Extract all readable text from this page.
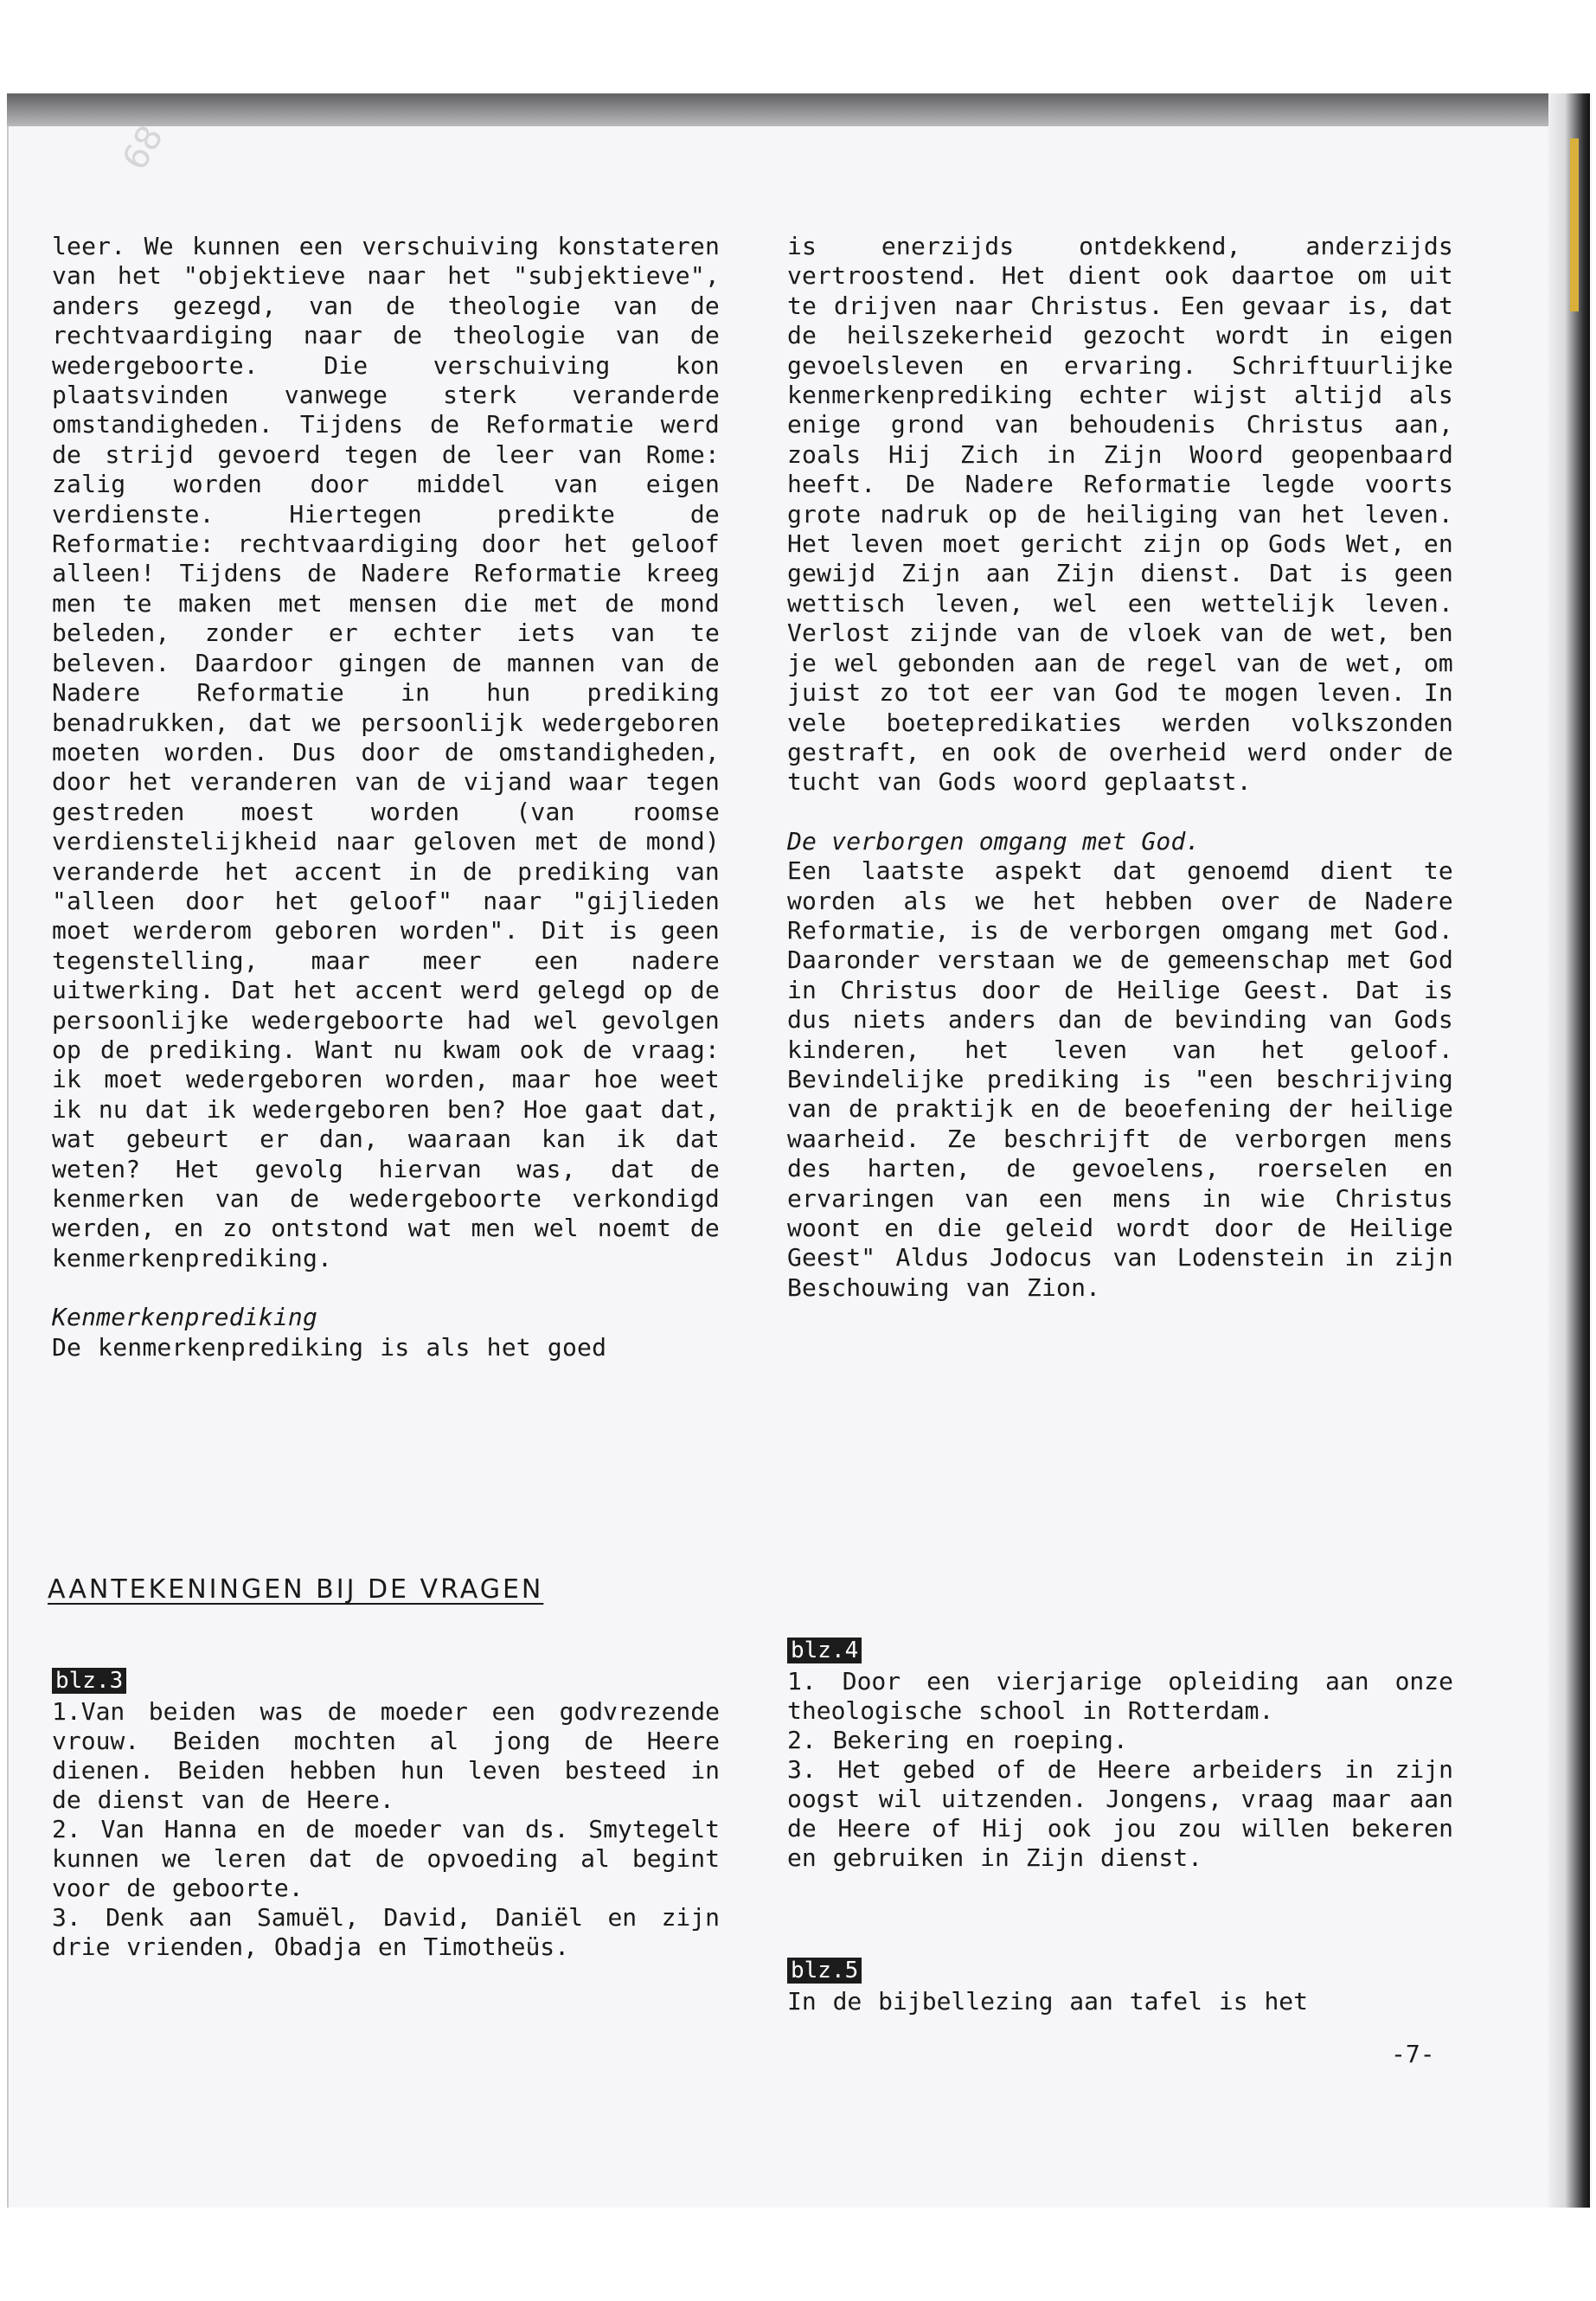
68

leer. We kunnen een verschuiving konstateren van het "objektieve naar het "subjektieve", anders gezegd, van de theologie van de rechtvaardiging naar de theologie van de wedergeboorte. Die verschuiving kon plaatsvinden vanwege sterk veranderde omstandigheden. Tijdens de Reformatie werd de strijd gevoerd tegen de leer van Rome: zalig worden door middel van eigen verdienste. Hiertegen predikte de Reformatie: rechtvaardiging door het geloof alleen! Tijdens de Nadere Reformatie kreeg men te maken met mensen die met de mond beleden, zonder er echter iets van te beleven. Daardoor gingen de mannen van de Nadere Reformatie in hun prediking benadrukken, dat we persoonlijk wedergeboren moeten worden. Dus door de omstandigheden, door het veranderen van de vijand waar tegen gestreden moest worden (van roomse verdienstelijkheid naar geloven met de mond) veranderde het accent in de prediking van "alleen door het geloof" naar "gijlieden moet werderom geboren worden". Dit is geen tegenstelling, maar meer een nadere uitwerking. Dat het accent werd gelegd op de persoonlijke wedergeboorte had wel gevolgen op de prediking. Want nu kwam ook de vraag: ik moet wedergeboren worden, maar hoe weet ik nu dat ik wedergeboren ben? Hoe gaat dat, wat gebeurt er dan, waaraan kan ik dat weten? Het gevolg hiervan was, dat de kenmerken van de wedergeboorte verkondigd werden, en zo ontstond wat men wel noemt de kenmerkenprediking.

Kenmerkenprediking

De kenmerkenprediking is als het goed

is enerzijds ontdekkend, anderzijds vertroostend. Het dient ook daartoe om uit te drijven naar Christus. Een gevaar is, dat de heilszekerheid gezocht wordt in eigen gevoelsleven en ervaring. Schriftuurlijke kenmerkenprediking echter wijst altijd als enige grond van behoudenis Christus aan, zoals Hij Zich in Zijn Woord geopenbaard heeft. De Nadere Reformatie legde voorts grote nadruk op de heiliging van het leven. Het leven moet gericht zijn op Gods Wet, en gewijd Zijn aan Zijn dienst. Dat is geen wettisch leven, wel een wettelijk leven. Verlost zijnde van de vloek van de wet, ben je wel gebonden aan de regel van de wet, om juist zo tot eer van God te mogen leven. In vele boetepredikaties werden volkszonden gestraft, en ook de overheid werd onder de tucht van Gods woord geplaatst.

De verborgen omgang met God.

Een laatste aspekt dat genoemd dient te worden als we het hebben over de Nadere Reformatie, is de verborgen omgang met God. Daaronder verstaan we de gemeenschap met God in Christus door de Heilige Geest. Dat is dus niets anders dan de bevinding van Gods kinderen, het leven van het geloof. Bevindelijke prediking is "een beschrijving van de praktijk en de beoefening der heilige waarheid. Ze beschrijft de verborgen mens des harten, de gevoelens, roerselen en ervaringen van een mens in wie Christus woont en die geleid wordt door de Heilige Geest" Aldus Jodocus van Lodenstein in zijn Beschouwing van Zion.

AANTEKENINGEN BIJ DE VRAGEN
blz.3

1.Van beiden was de moeder een godvrezende vrouw. Beiden mochten al jong de Heere dienen. Beiden hebben hun leven besteed in de dienst van de Heere.

2. Van Hanna en de moeder van ds. Smytegelt kunnen we leren dat de opvoeding al begint voor de geboorte.

3. Denk aan Samuël, David, Daniël en zijn drie vrienden, Obadja en Timotheüs.

blz.4

1. Door een vierjarige opleiding aan onze theologische school in Rotterdam.

2. Bekering en roeping.

3. Het gebed of de Heere arbeiders in zijn oogst wil uitzenden. Jongens, vraag maar aan de Heere of Hij ook jou zou willen bekeren en gebruiken in Zijn dienst.

blz.5

In de bijbellezing aan tafel is het

-7-
